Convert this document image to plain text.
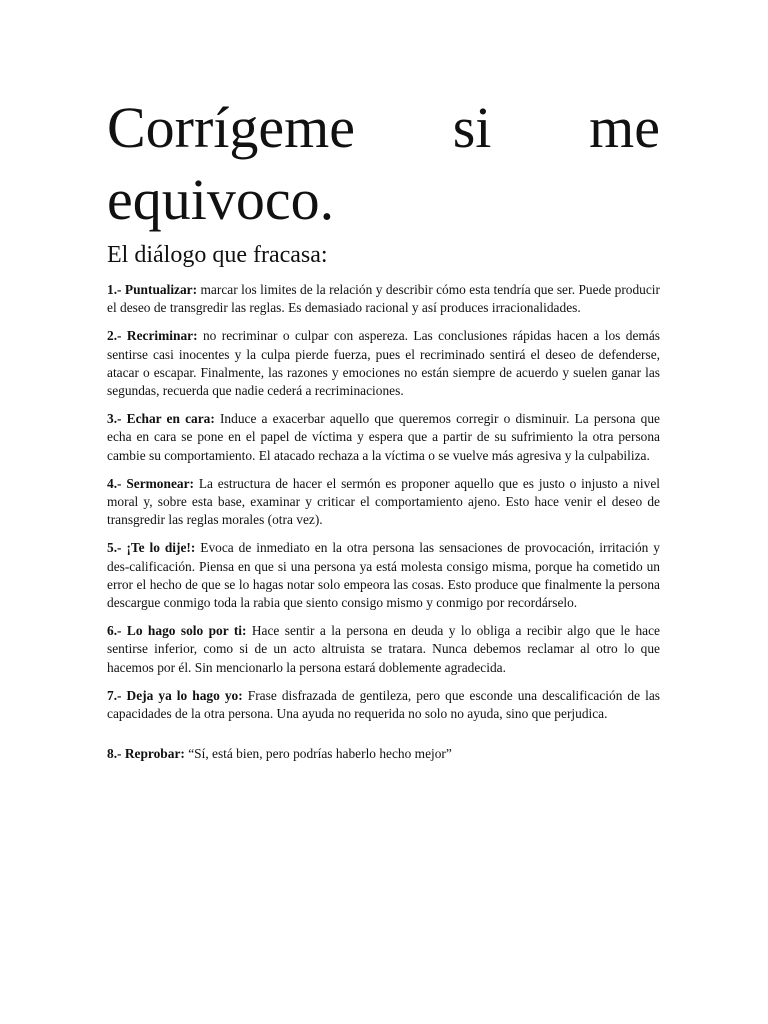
Corrígeme si me
equivoco.
El diálogo que fracasa:

1.- Puntualizar: marcar los limites de la relación y describir cómo esta tendría que ser. Puede producir el deseo de transgredir las reglas. Es demasiado racional y así produces irracionalidades.

2.- Recriminar: no recriminar o culpar con aspereza. Las conclusiones rápidas hacen a los demás sentirse casi inocentes y la culpa pierde fuerza, pues el recriminado sentirá el deseo de defenderse, atacar o escapar. Finalmente, las razones y emociones no están siempre de acuerdo y suelen ganar las segundas, recuerda que nadie cederá a recriminaciones.

3.- Echar en cara: Induce a exacerbar aquello que queremos corregir o disminuir. La persona que echa en cara se pone en el papel de víctima y espera que a partir de su sufrimiento la otra persona cambie su comportamiento. El atacado rechaza a la víctima o se vuelve más agresiva y la culpabiliza.

4.- Sermonear: La estructura de hacer el sermón es proponer aquello que es justo o injusto a nivel moral y, sobre esta base, examinar y criticar el comportamiento ajeno. Esto hace venir el deseo de transgredir las reglas morales (otra vez).

5.- ¡Te lo dije!: Evoca de inmediato en la otra persona las sensaciones de provocación, irritación y des-calificación. Piensa en que si una persona ya está molesta consigo misma, porque ha cometido un error el hecho de que se lo hagas notar solo empeora las cosas. Esto produce que finalmente la persona descargue conmigo toda la rabia que siento consigo mismo y conmigo por recordárselo.

6.- Lo hago solo por ti: Hace sentir a la persona en deuda y lo obliga a recibir algo que le hace sentirse inferior, como si de un acto altruista se tratara. Nunca debemos reclamar al otro lo que hacemos por él. Sin mencionarlo la persona estará doblemente agradecida.

7.- Deja ya lo hago yo: Frase disfrazada de gentileza, pero que esconde una descalificación de las capacidades de la otra persona. Una ayuda no requerida no solo no ayuda, sino que perjudica.

8.- Reprobar: “Sí, está bien, pero podrías haberlo hecho mejor”
